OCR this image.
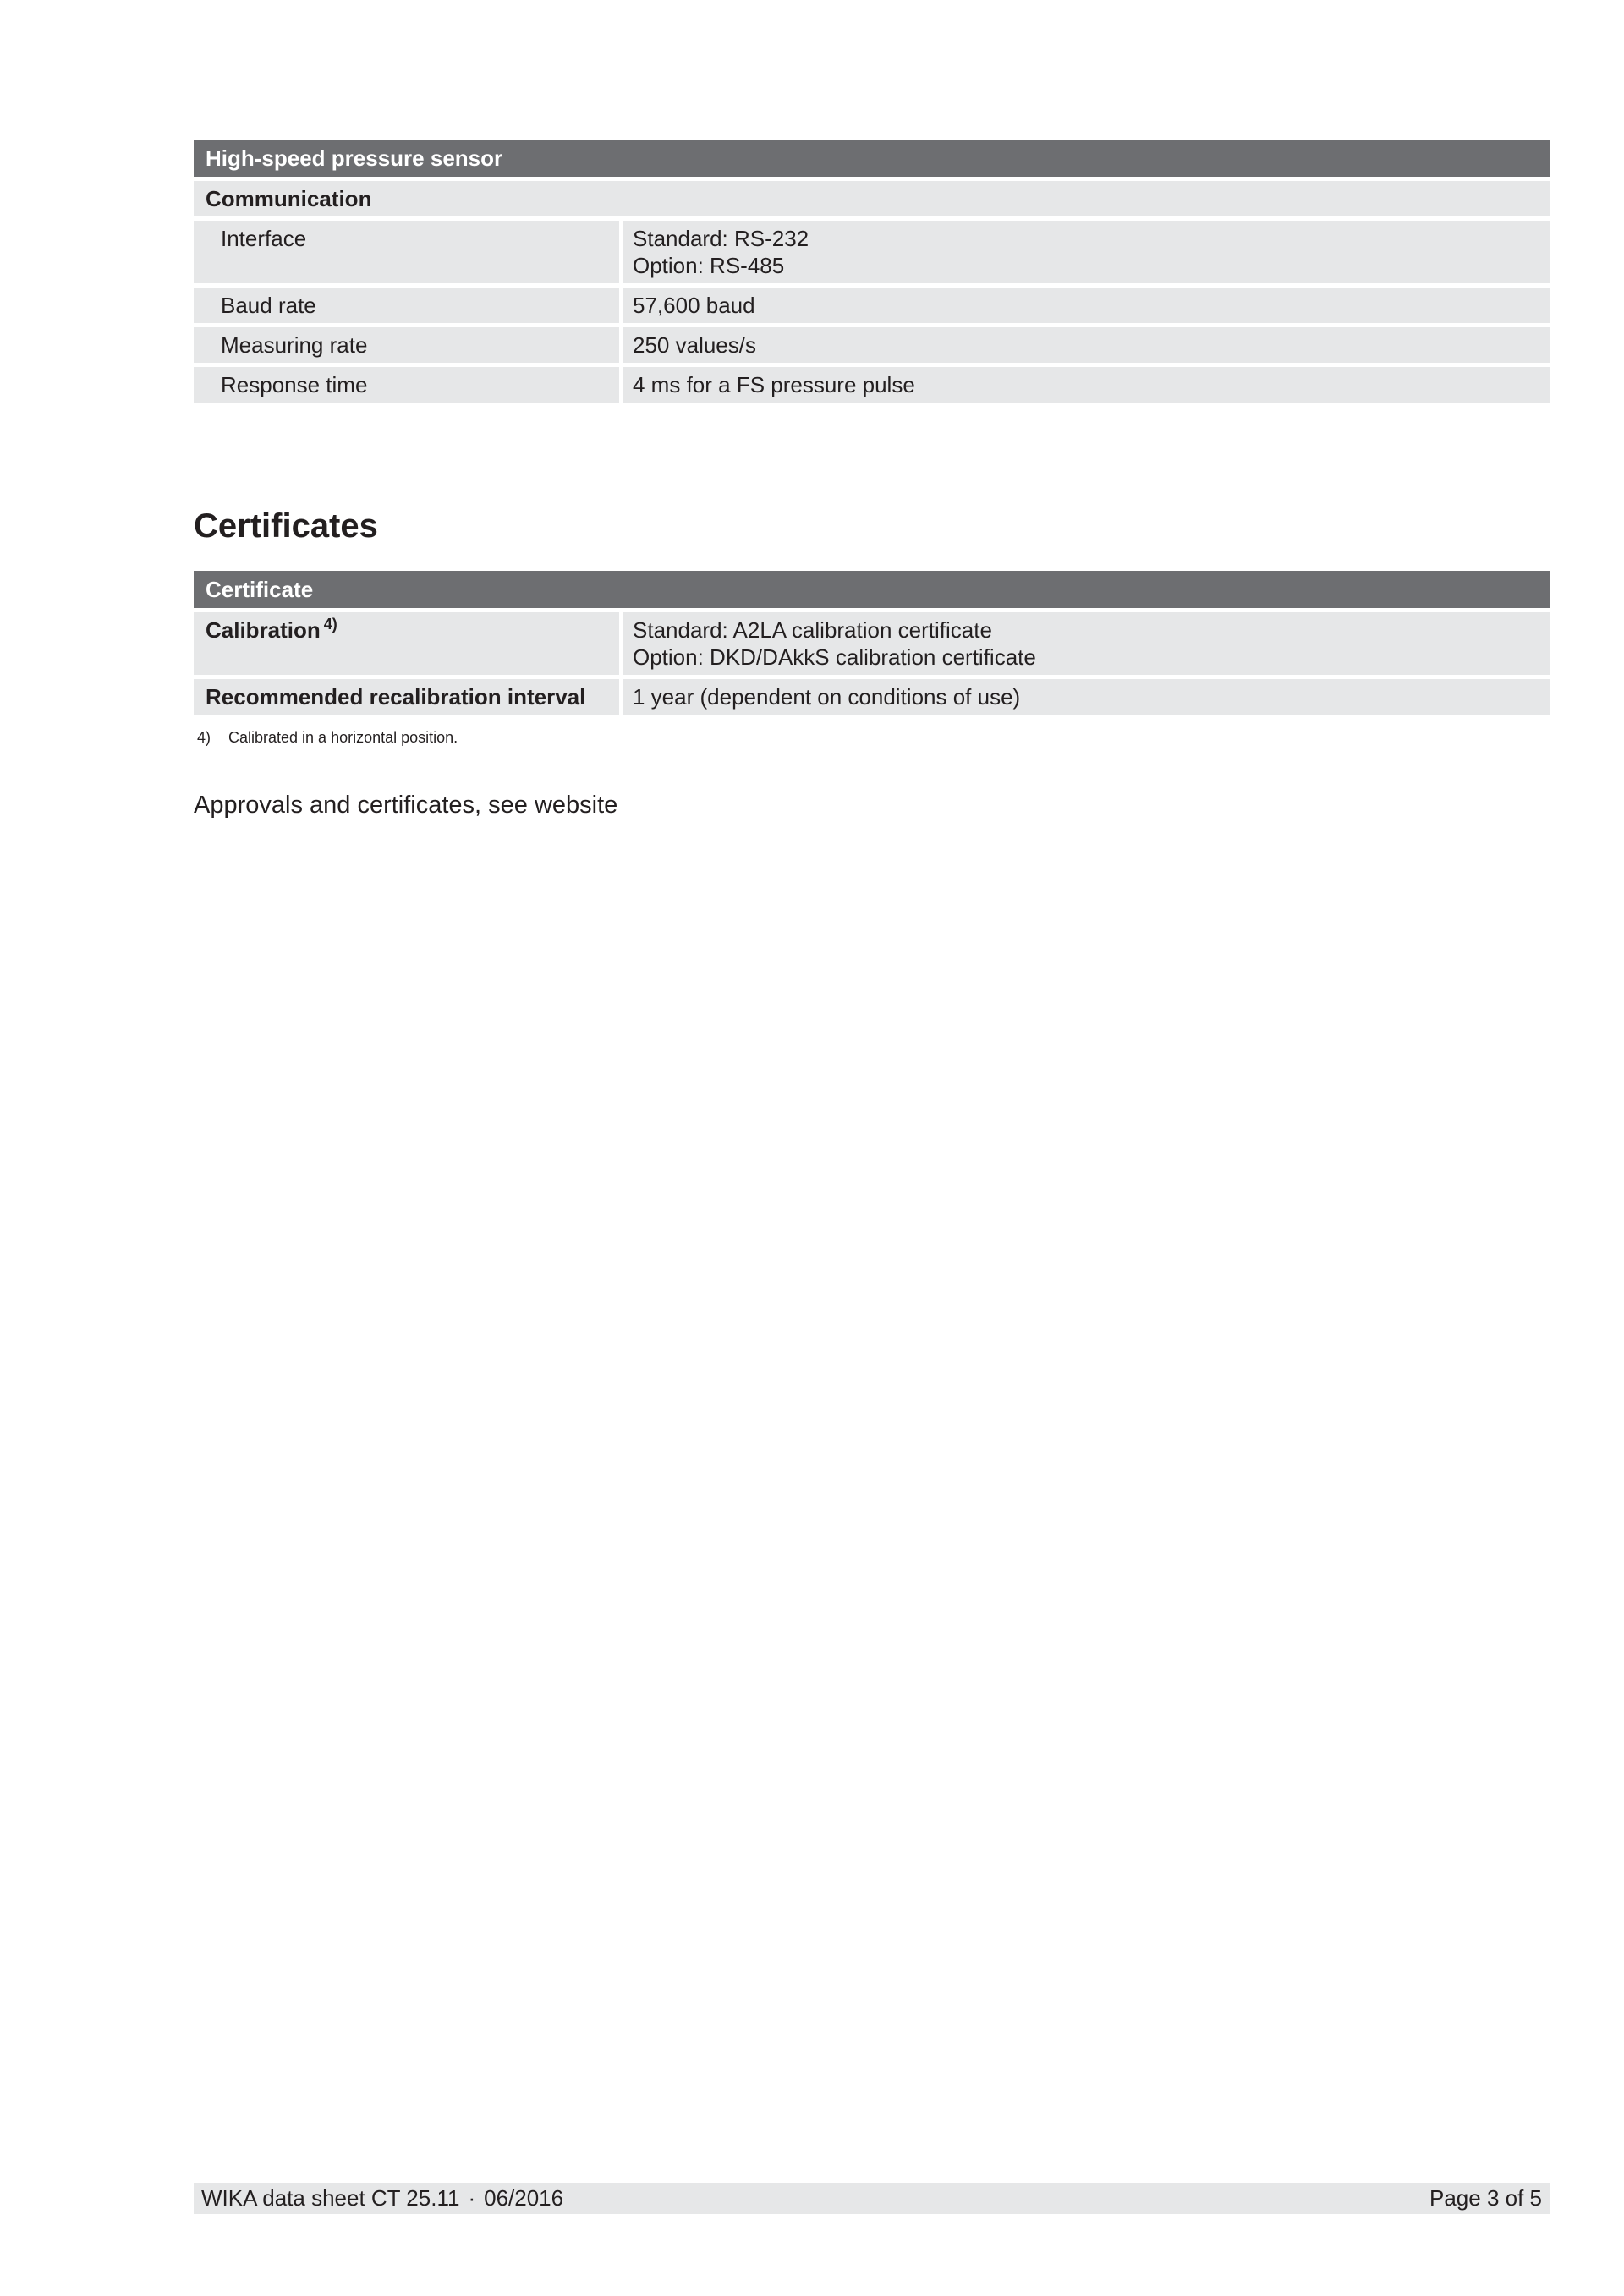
High-speed pressure sensor	
Communication	
Interface	Standard: RS-232
Option: RS-485

Baud rate	57,600 baud

Measuring rate	250 values/s

Response time	4 ms for a FS pressure pulse
Certificates
Certificate	
Calibration $^{4)}$	Standard: A2LA calibration certificate
Option: DKD/DAkkS calibration certificate

Recommended recalibration interval	1 year (dependent on conditions of use)
4) Calibrated in a horizontal position.
Approvals and certificates, see website
WIKA data sheet CT 25.11 · 06/2016	Page 3 of 5
